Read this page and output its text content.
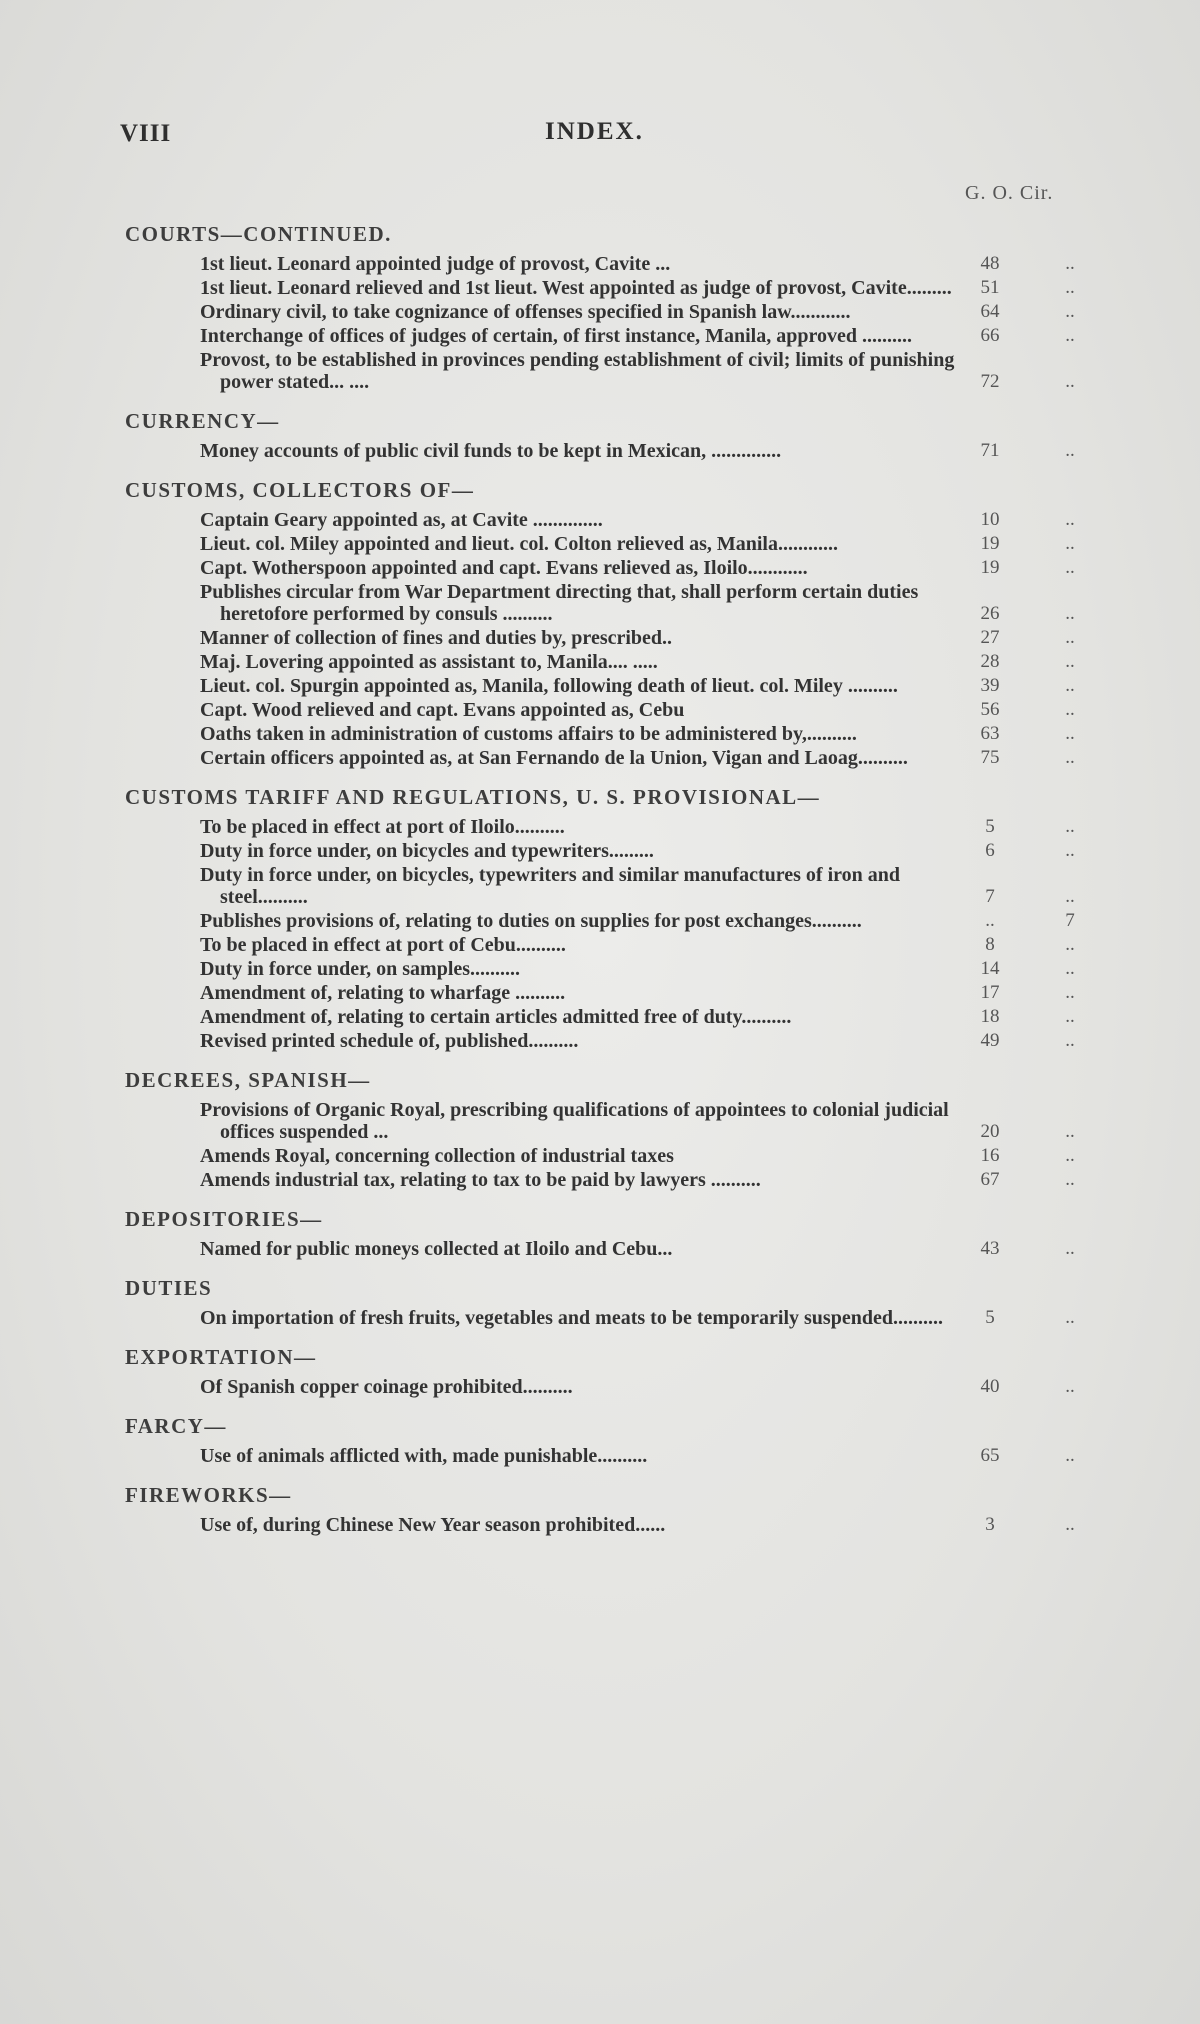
VIII	INDEX.
G. O. Cir.
COURTS—CONTINUED.
1st lieut. Leonard appointed judge of provost, Cavite ...	48	..
1st lieut. Leonard relieved and 1st lieut. West appointed as judge of provost, Cavite.........	51	..
Ordinary civil, to take cognizance of offenses specified in Spanish law............	64	..
Interchange of offices of judges of certain, of first instance, Manila, approved ..........	66	..
Provost, to be established in provinces pending establishment of civil; limits of punishing power stated... ....	72	..
CURRENCY—
Money accounts of public civil funds to be kept in Mexican, ..............	71	..
CUSTOMS, COLLECTORS OF—
Captain Geary appointed as, at Cavite ..............	10	..
Lieut. col. Miley appointed and lieut. col. Colton relieved as, Manila............	19	..
Capt. Wotherspoon appointed and capt. Evans relieved as, Iloilo............	19	..
Publishes circular from War Department directing that, shall perform certain duties heretofore performed by consuls ..........	26	..
Manner of collection of fines and duties by, prescribed..	27	..
Maj. Lovering appointed as assistant to, Manila.... .....	28	..
Lieut. col. Spurgin appointed as, Manila, following death of lieut. col. Miley ..........	39	..
Capt. Wood relieved and capt. Evans appointed as, Cebu	56	..
Oaths taken in administration of customs affairs to be administered by,..........	63	..
Certain officers appointed as, at San Fernando de la Union, Vigan and Laoag..........	75	..
CUSTOMS TARIFF AND REGULATIONS, U. S. PROVISIONAL—
To be placed in effect at port of Iloilo..........	5	..
Duty in force under, on bicycles and typewriters.........	6	..
Duty in force under, on bicycles, typewriters and similar manufactures of iron and steel..........	7	..
Publishes provisions of, relating to duties on supplies for post exchanges..........	..	7
To be placed in effect at port of Cebu..........	8	..
Duty in force under, on samples..........	14	..
Amendment of, relating to wharfage ..........	17	..
Amendment of, relating to certain articles admitted free of duty..........	18	..
Revised printed schedule of, published..........	49	..
DECREES, SPANISH—
Provisions of Organic Royal, prescribing qualifications of appointees to colonial judicial offices suspended ...	20	..
Amends Royal, concerning collection of industrial taxes	16	..
Amends industrial tax, relating to tax to be paid by lawyers ..........	67	..
DEPOSITORIES—
Named for public moneys collected at Iloilo and Cebu...	43	..
DUTIES
On importation of fresh fruits, vegetables and meats to be temporarily suspended..........	5	..
EXPORTATION—
Of Spanish copper coinage prohibited..........	40	..
FARCY—
Use of animals afflicted with, made punishable..........	65	..
FIREWORKS—
Use of, during Chinese New Year season prohibited......	3	..
